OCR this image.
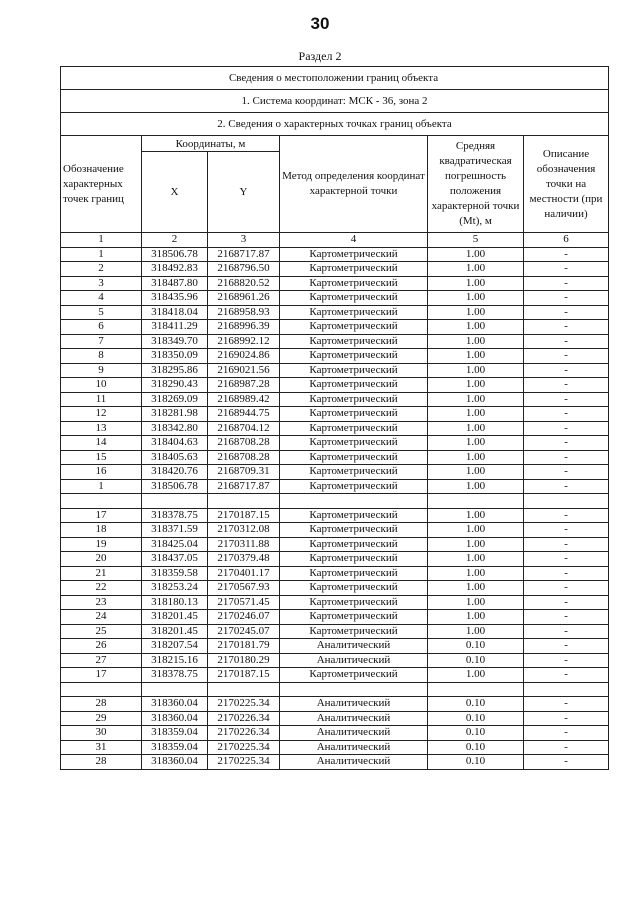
30
Раздел 2
Сведения о местоположении границ объекта					
1. Система координат: МСК - 36, зона 2					
2. Сведения о характерных точках границ объекта					
Обозначение характерных точек границ	Координаты, м		Метод определения координат характерной точки	Средняя квадратическая погрешность положения характерной точки (Mt), м	Описание обозначения точки на местности (при наличии)
	X	Y			
1	2	3	4	5	6
1	318506.78	2168717.87	Картометрический	1.00	-
2	318492.83	2168796.50	Картометрический	1.00	-
3	318487.80	2168820.52	Картометрический	1.00	-
4	318435.96	2168961.26	Картометрический	1.00	-
5	318418.04	2168958.93	Картометрический	1.00	-
6	318411.29	2168996.39	Картометрический	1.00	-
7	318349.70	2168992.12	Картометрический	1.00	-
8	318350.09	2169024.86	Картометрический	1.00	-
9	318295.86	2169021.56	Картометрический	1.00	-
10	318290.43	2168987.28	Картометрический	1.00	-
11	318269.09	2168989.42	Картометрический	1.00	-
12	318281.98	2168944.75	Картометрический	1.00	-
13	318342.80	2168704.12	Картометрический	1.00	-
14	318404.63	2168708.28	Картометрический	1.00	-
15	318405.63	2168708.28	Картометрический	1.00	-
16	318420.76	2168709.31	Картометрический	1.00	-
1	318506.78	2168717.87	Картометрический	1.00	-

17	318378.75	2170187.15	Картометрический	1.00	-
18	318371.59	2170312.08	Картометрический	1.00	-
19	318425.04	2170311.88	Картометрический	1.00	-
20	318437.05	2170379.48	Картометрический	1.00	-
21	318359.58	2170401.17	Картометрический	1.00	-
22	318253.24	2170567.93	Картометрический	1.00	-
23	318180.13	2170571.45	Картометрический	1.00	-
24	318201.45	2170246.07	Картометрический	1.00	-
25	318201.45	2170245.07	Картометрический	1.00	-
26	318207.54	2170181.79	Аналитический	0.10	-
27	318215.16	2170180.29	Аналитический	0.10	-
17	318378.75	2170187.15	Картометрический	1.00	-

28	318360.04	2170225.34	Аналитический	0.10	-
29	318360.04	2170226.34	Аналитический	0.10	-
30	318359.04	2170226.34	Аналитический	0.10	-
31	318359.04	2170225.34	Аналитический	0.10	-
28	318360.04	2170225.34	Аналитический	0.10	-
